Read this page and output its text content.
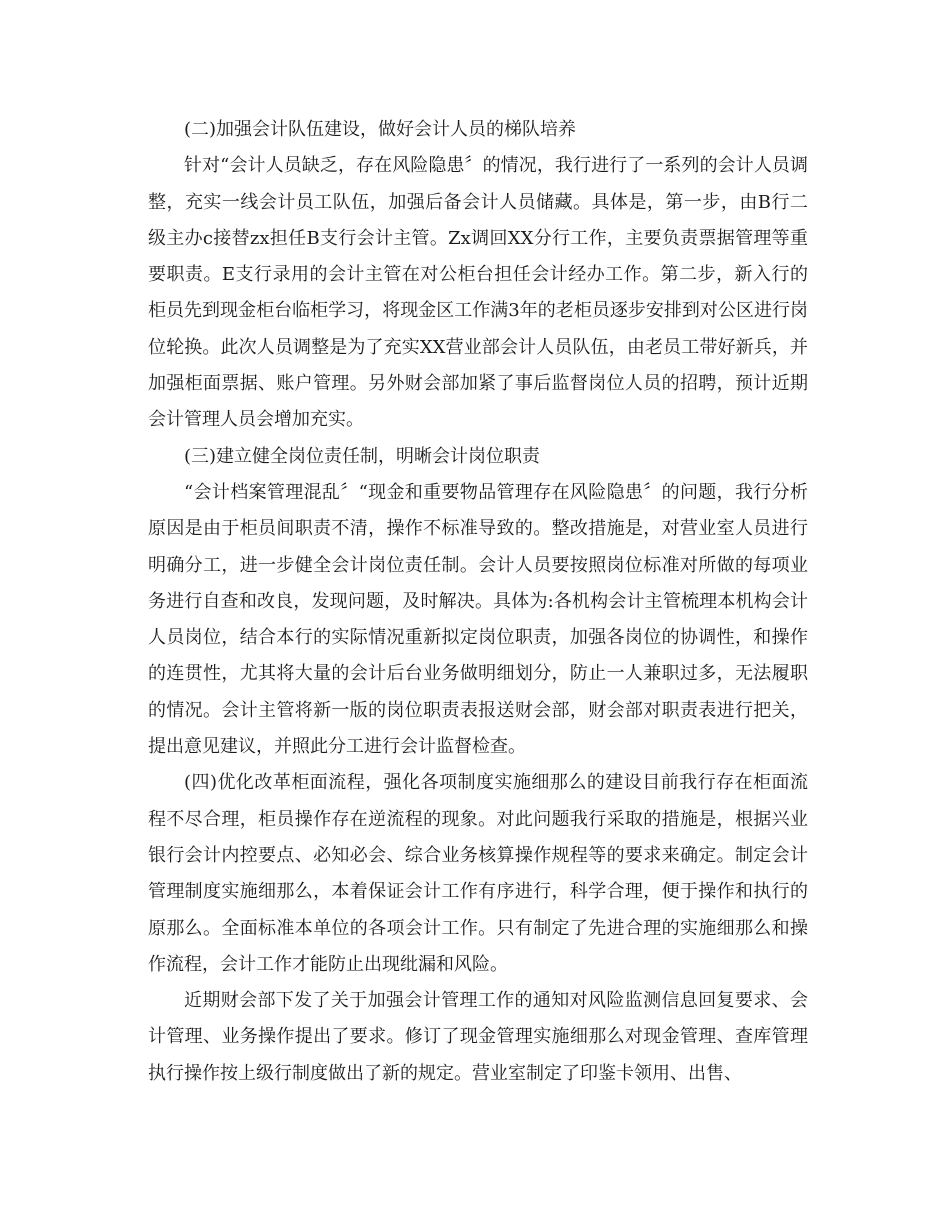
(二)加强会计队伍建设，做好会计人员的梯队培养

针对“会计人员缺乏，存在风险隐患〞的情况，我行进行了一系列的会计人员调整，充实一线会计员工队伍，加强后备会计人员储藏。具体是，第一步，由B行二级主办c接替zx担任B支行会计主管。Zx调回XX分行工作，主要负责票据管理等重要职责。E支行录用的会计主管在对公柜台担任会计经办工作。第二步，新入行的柜员先到现金柜台临柜学习，将现金区工作满3年的老柜员逐步安排到对公区进行岗位轮换。此次人员调整是为了充实XX营业部会计人员队伍，由老员工带好新兵，并加强柜面票据、账户管理。另外财会部加紧了事后监督岗位人员的招聘，预计近期会计管理人员会增加充实。

(三)建立健全岗位责任制，明晰会计岗位职责

“会计档案管理混乱〞“现金和重要物品管理存在风险隐患〞的问题，我行分析原因是由于柜员间职责不清，操作不标准导致的。整改措施是，对营业室人员进行明确分工，进一步健全会计岗位责任制。会计人员要按照岗位标准对所做的每项业务进行自查和改良，发现问题，及时解决。具体为:各机构会计主管梳理本机构会计人员岗位，结合本行的实际情况重新拟定岗位职责，加强各岗位的协调性，和操作的连贯性，尤其将大量的会计后台业务做明细划分，防止一人兼职过多，无法履职的情况。会计主管将新一版的岗位职责表报送财会部，财会部对职责表进行把关，提出意见建议，并照此分工进行会计监督检查。

(四)优化改革柜面流程，强化各项制度实施细那么的建设目前我行存在柜面流程不尽合理，柜员操作存在逆流程的现象。对此问题我行采取的措施是，根据兴业银行会计内控要点、必知必会、综合业务核算操作规程等的要求来确定。制定会计管理制度实施细那么，本着保证会计工作有序进行，科学合理，便于操作和执行的原那么。全面标准本单位的各项会计工作。只有制定了先进合理的实施细那么和操作流程，会计工作才能防止出现纰漏和风险。

近期财会部下发了关于加强会计管理工作的通知对风险监测信息回复要求、会计管理、业务操作提出了要求。修订了现金管理实施细那么对现金管理、查库管理执行操作按上级行制度做出了新的规定。营业室制定了印鉴卡领用、出售、
